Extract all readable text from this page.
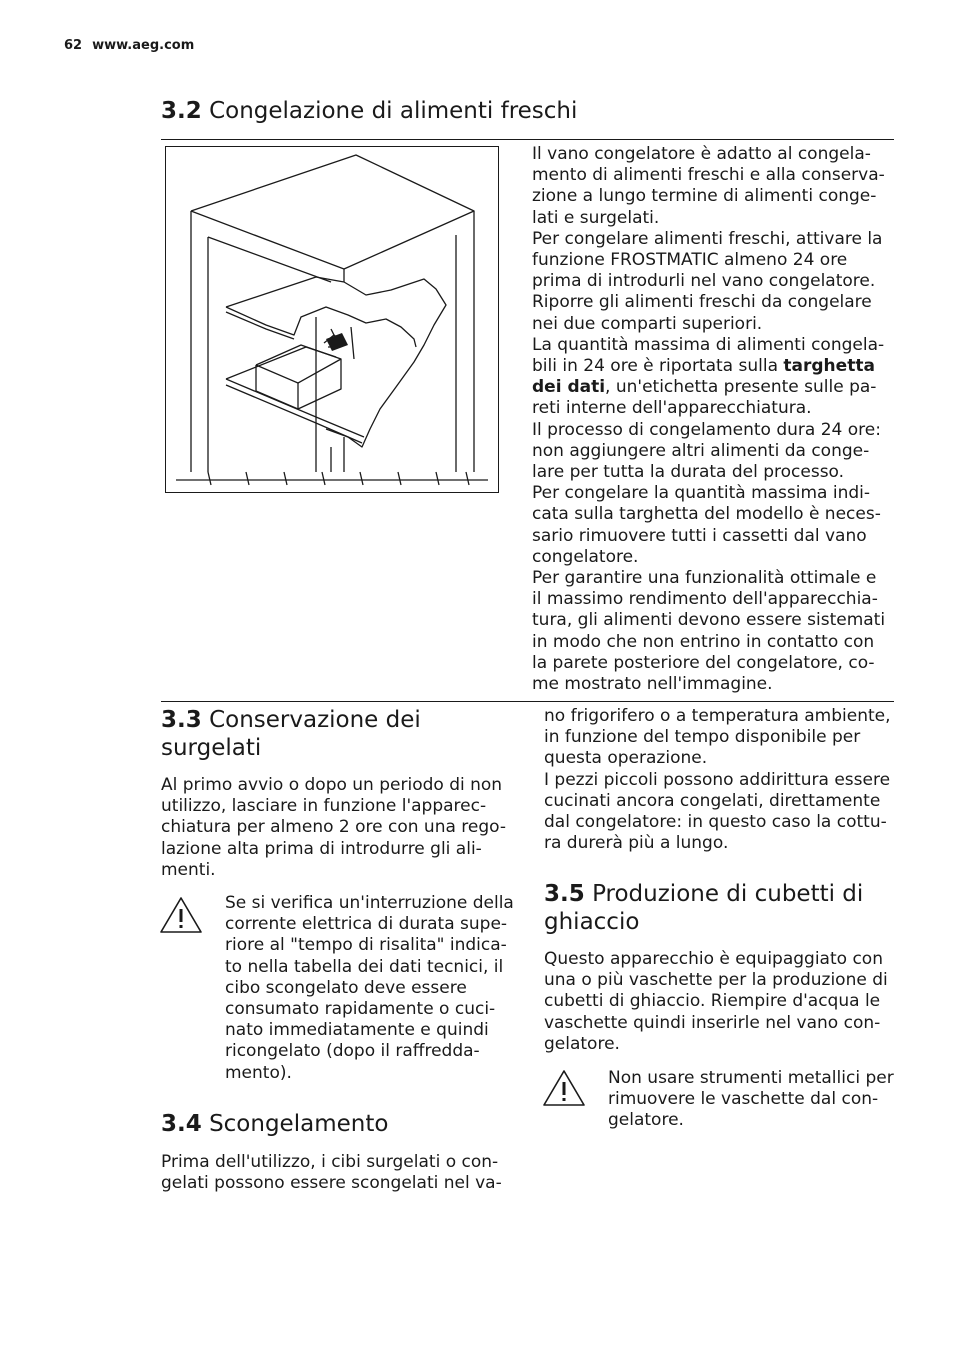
62 www.aeg.com
3.2 Congelazione di alimenti freschi

Il vano congelatore è adatto al congela-

mento di alimenti freschi e alla conserva-

zione a lungo termine di alimenti conge-

lati e surgelati.

Per congelare alimenti freschi, attivare la

funzione FROSTMATIC almeno 24 ore

prima di introdurli nel vano congelatore.

Riporre gli alimenti freschi da congelare

nei due comparti superiori.

La quantità massima di alimenti congela-

bili in 24 ore è riportata sulla targhetta

dei dati, un'etichetta presente sulle pa-

reti interne dell'apparecchiatura.

Il processo di congelamento dura 24 ore:

non aggiungere altri alimenti da conge-

lare per tutta la durata del processo.

Per congelare la quantità massima indi-

cata sulla targhetta del modello è neces-

sario rimuovere tutti i cassetti dal vano

congelatore.

Per garantire una funzionalità ottimale e

il massimo rendimento dell'apparecchia-

tura, gli alimenti devono essere sistemati

in modo che non entrino in contatto con

la parete posteriore del congelatore, co-

me mostrato nell'immagine.

3.3 Conservazione dei
surgelati

Al primo avvio o dopo un periodo di non

utilizzo, lasciare in funzione l'apparec-

chiatura per almeno 2 ore con una rego-

lazione alta prima di introdurre gli ali-

menti.

Se si verifica un'interruzione della

corrente elettrica di durata supe-

riore al "tempo di risalita" indica-

to nella tabella dei dati tecnici, il

cibo scongelato deve essere

consumato rapidamente o cuci-

nato immediatamente e quindi

ricongelato (dopo il raffredda-

mento).

3.4 Scongelamento

Prima dell'utilizzo, i cibi surgelati o con-

gelati possono essere scongelati nel va-

no frigorifero o a temperatura ambiente,

in funzione del tempo disponibile per

questa operazione.

I pezzi piccoli possono addirittura essere

cucinati ancora congelati, direttamente

dal congelatore: in questo caso la cottu-

ra durerà più a lungo.

3.5 Produzione di cubetti di
ghiaccio

Questo apparecchio è equipaggiato con

una o più vaschette per la produzione di

cubetti di ghiaccio. Riempire d'acqua le

vaschette quindi inserirle nel vano con-

gelatore.

Non usare strumenti metallici per

rimuovere le vaschette dal con-

gelatore.
